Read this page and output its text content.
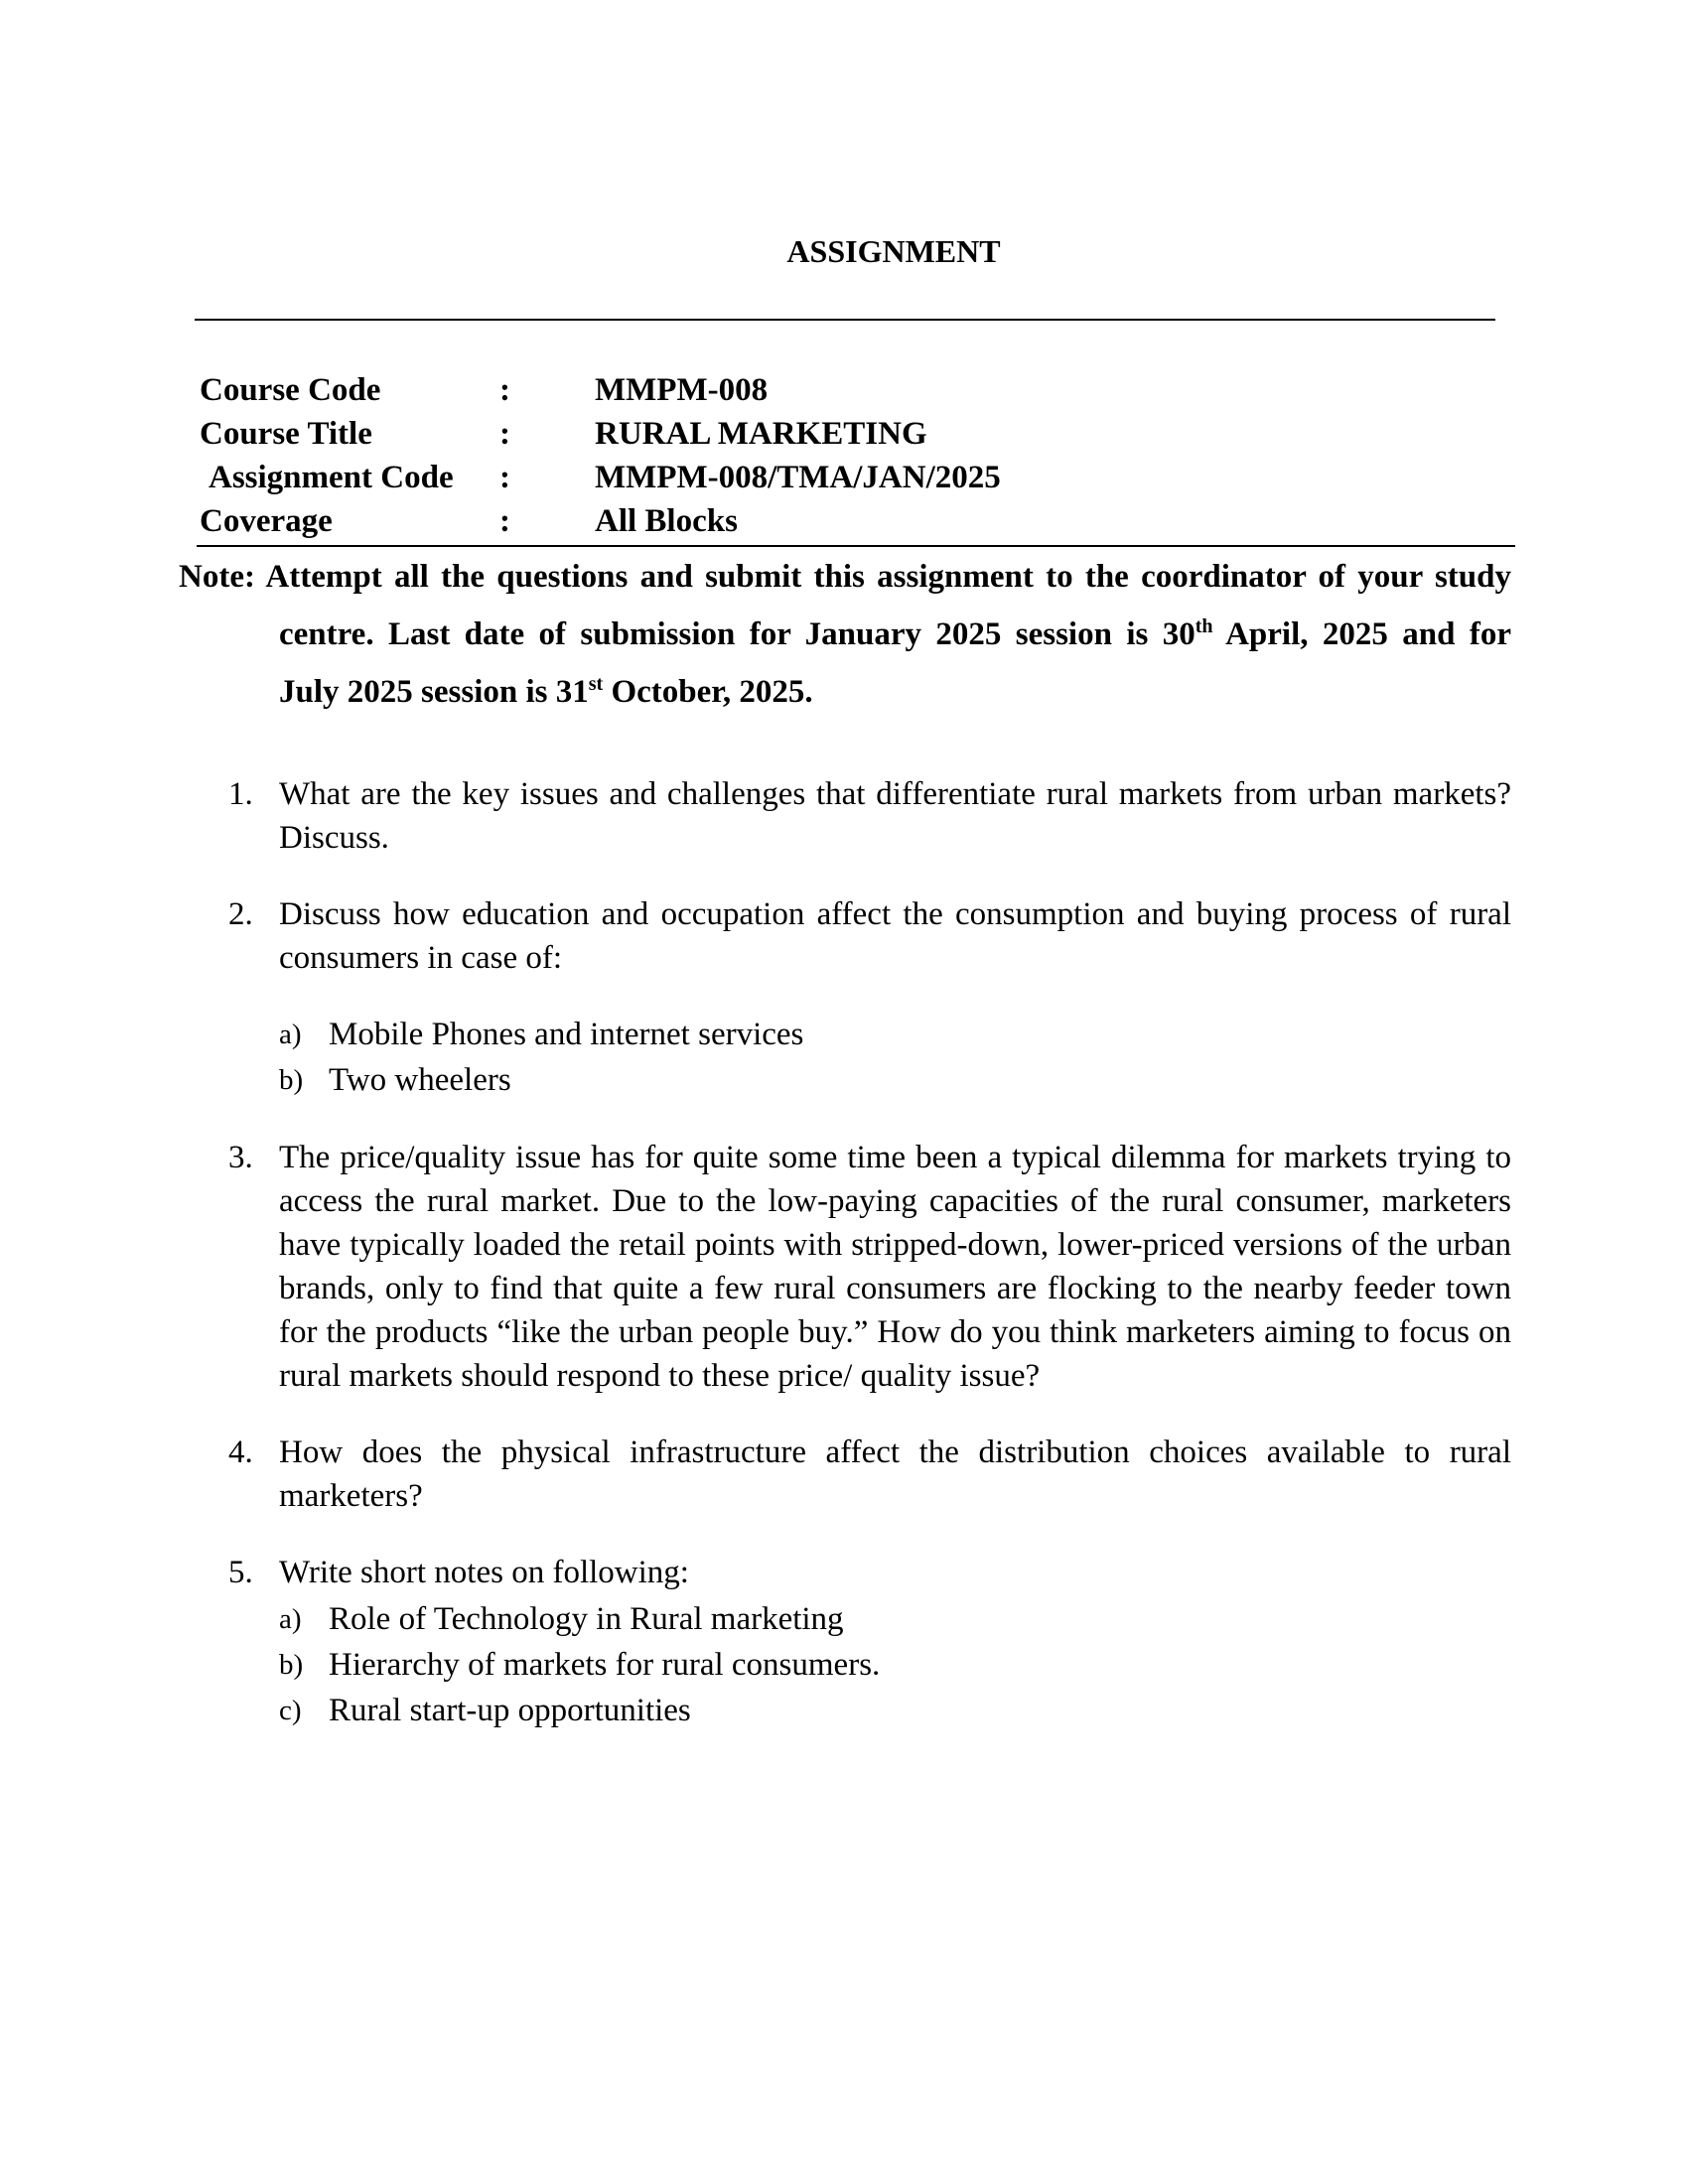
ASSIGNMENT
Course Code	:	MMPM-008
Course Title	:	RURAL MARKETING
Assignment Code :	MMPM-008/TMA/JAN/2025
Coverage	:	All Blocks
Note: Attempt all the questions and submit this assignment to the coordinator of your study
centre. Last date of submission for January 2025 session is 30th April, 2025 and for
July 2025 session is 31st October, 2025.
1. What are the key issues and challenges that differentiate rural markets from urban markets? Discuss.
2. Discuss how education and occupation affect the consumption and buying process of rural consumers in case of:
a) Mobile Phones and internet services
b) Two wheelers
3. The price/quality issue has for quite some time been a typical dilemma for markets trying to access the rural market. Due to the low-paying capacities of the rural consumer, marketers have typically loaded the retail points with stripped-down, lower-priced versions of the urban brands, only to find that quite a few rural consumers are flocking to the nearby feeder town for the products “like the urban people buy.” How do you think marketers aiming to focus on rural markets should respond to these price/ quality issue?
4. How does the physical infrastructure affect the distribution choices available to rural marketers?
5. Write short notes on following:
a) Role of Technology in Rural marketing
b) Hierarchy of markets for rural consumers.
c) Rural start-up opportunities
